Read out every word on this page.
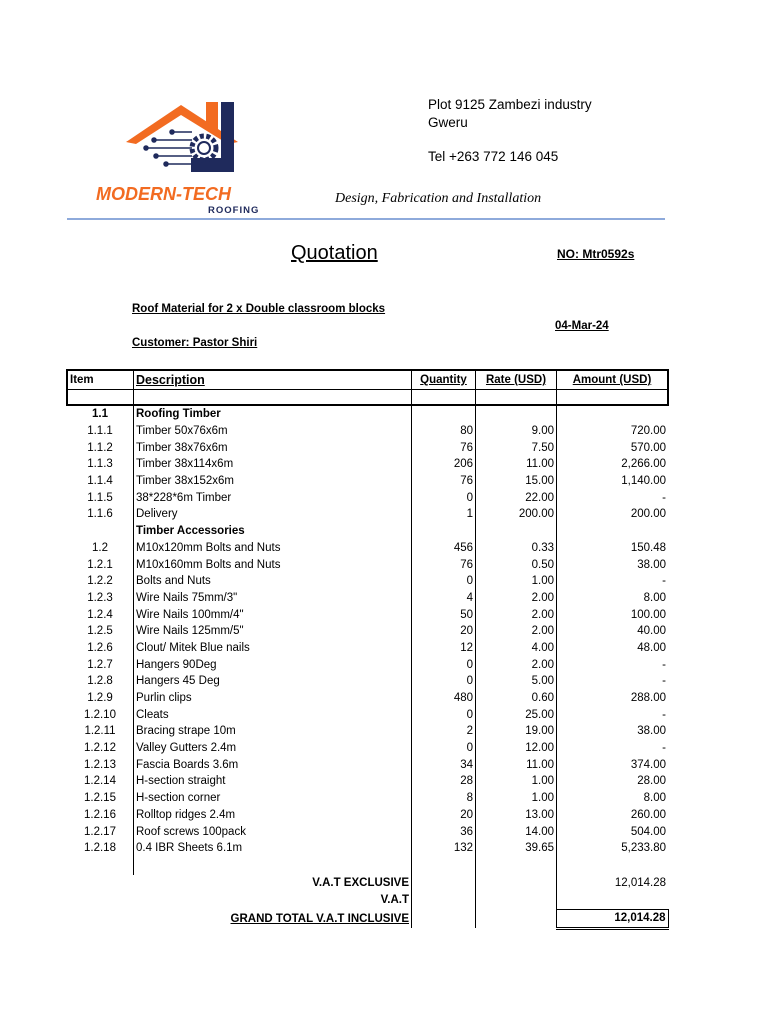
MODERN-TECH
ROOFING
Plot 9125 Zambezi industry
Gweru
Tel +263 772 146 045
Design, Fabrication and Installation
Quotation	NO: Mtr0592s
Roof Material for 2 x Double classroom blocks
04-Mar-24
Customer: Pastor Shiri
Item	Description	Quantity	Rate (USD)	Amount (USD)

1.1	Roofing Timber			
1.1.1	Timber 50x76x6m	80	9.00	720.00
1.1.2	Timber 38x76x6m	76	7.50	570.00
1.1.3	Timber 38x114x6m	206	11.00	2,266.00
1.1.4	Timber 38x152x6m	76	15.00	1,140.00
1.1.5	38*228*6m Timber	0	22.00	-
1.1.6	Delivery	1	200.00	200.00
	Timber Accessories			
1.2	M10x120mm Bolts and Nuts	456	0.33	150.48
1.2.1	M10x160mm Bolts and Nuts	76	0.50	38.00
1.2.2	Bolts and Nuts	0	1.00	-
1.2.3	Wire Nails 75mm/3"	4	2.00	8.00
1.2.4	Wire Nails 100mm/4"	50	2.00	100.00
1.2.5	Wire Nails 125mm/5"	20	2.00	40.00
1.2.6	Clout/ Mitek Blue nails	12	4.00	48.00
1.2.7	Hangers 90Deg	0	2.00	-
1.2.8	Hangers 45 Deg	0	5.00	-
1.2.9	Purlin clips	480	0.60	288.00
1.2.10	Cleats	0	25.00	-
1.2.11	Bracing strape 10m	2	19.00	38.00
1.2.12	Valley Gutters 2.4m	0	12.00	-
1.2.13	Fascia Boards 3.6m	34	11.00	374.00
1.2.14	H-section straight	28	1.00	28.00
1.2.15	H-section corner	8	1.00	8.00
1.2.16	Rolltop ridges 2.4m	20	13.00	260.00
1.2.17	Roof screws 100pack	36	14.00	504.00
1.2.18	0.4 IBR Sheets 6.1m	132	39.65	5,233.80

	V.A.T EXCLUSIVE			12,014.28
	V.A.T			
	GRAND TOTAL V.A.T INCLUSIVE			12,014.28
